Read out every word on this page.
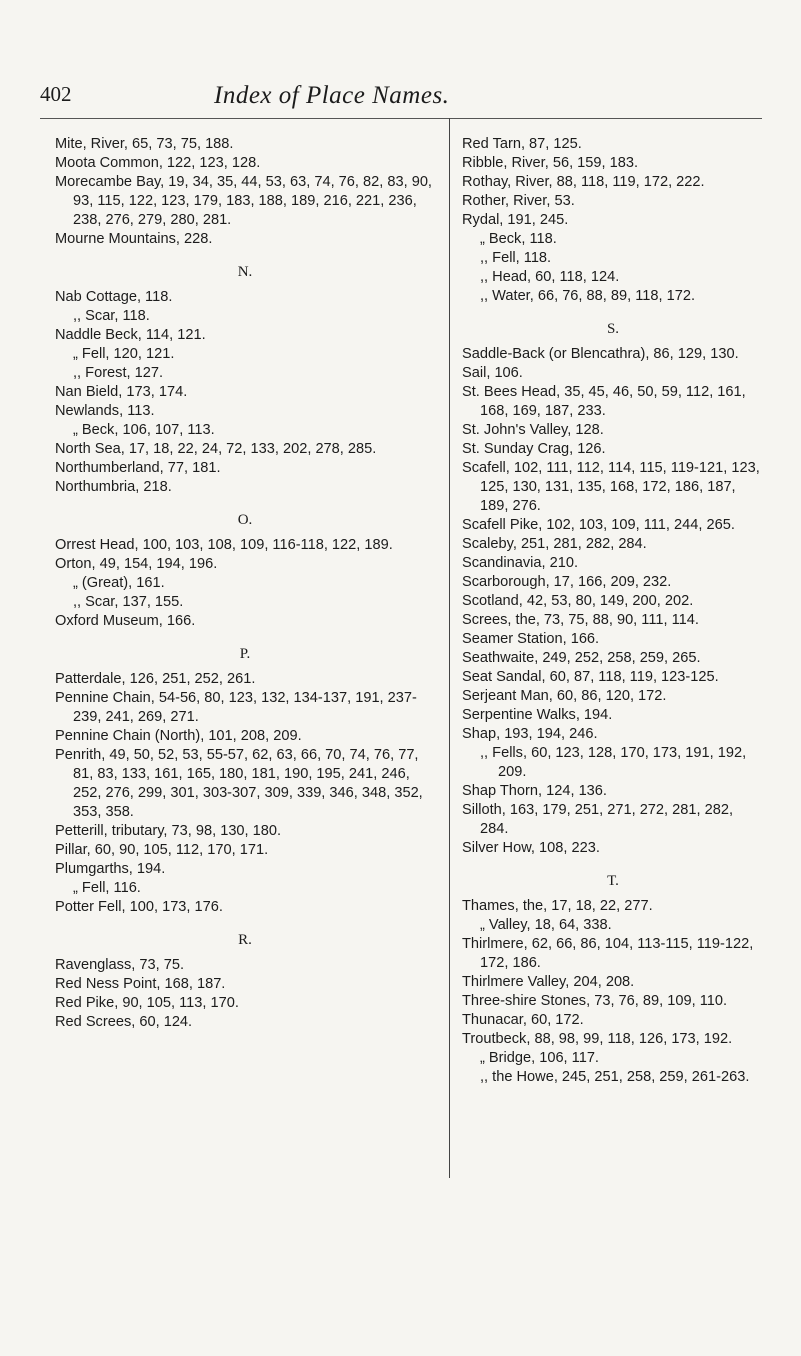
402	Index of Place Names.
Mite, River, 65, 73, 75, 188.
Moota Common, 122, 123, 128.
Morecambe Bay, 19, 34, 35, 44, 53, 63, 74, 76, 82, 83, 90, 93, 115, 122, 123, 179, 183, 188, 189, 216, 221, 236, 238, 276, 279, 280, 281.
Mourne Mountains, 228.
N.
Nab Cottage, 118.
,, Scar, 118.
Naddle Beck, 114, 121.
„ Fell, 120, 121.
,, Forest, 127.
Nan Bield, 173, 174.
Newlands, 113.
„ Beck, 106, 107, 113.
North Sea, 17, 18, 22, 24, 72, 133, 202, 278, 285.
Northumberland, 77, 181.
Northumbria, 218.
O.
Orrest Head, 100, 103, 108, 109, 116-118, 122, 189.
Orton, 49, 154, 194, 196.
„ (Great), 161.
,, Scar, 137, 155.
Oxford Museum, 166.
P.
Patterdale, 126, 251, 252, 261.
Pennine Chain, 54-56, 80, 123, 132, 134-137, 191, 237-239, 241, 269, 271.
Pennine Chain (North), 101, 208, 209.
Penrith, 49, 50, 52, 53, 55-57, 62, 63, 66, 70, 74, 76, 77, 81, 83, 133, 161, 165, 180, 181, 190, 195, 241, 246, 252, 276, 299, 301, 303-307, 309, 339, 346, 348, 352, 353, 358.
Petterill, tributary, 73, 98, 130, 180.
Pillar, 60, 90, 105, 112, 170, 171.
Plumgarths, 194.
„ Fell, 116.
Potter Fell, 100, 173, 176.
R.
Ravenglass, 73, 75.
Red Ness Point, 168, 187.
Red Pike, 90, 105, 113, 170.
Red Screes, 60, 124.
Red Tarn, 87, 125.
Ribble, River, 56, 159, 183.
Rothay, River, 88, 118, 119, 172, 222.
Rother, River, 53.
Rydal, 191, 245.
„ Beck, 118.
,, Fell, 118.
,, Head, 60, 118, 124.
,, Water, 66, 76, 88, 89, 118, 172.
S.
Saddle-Back (or Blencathra), 86, 129, 130.
Sail, 106.
St. Bees Head, 35, 45, 46, 50, 59, 112, 161, 168, 169, 187, 233.
St. John's Valley, 128.
St. Sunday Crag, 126.
Scafell, 102, 111, 112, 114, 115, 119-121, 123, 125, 130, 131, 135, 168, 172, 186, 187, 189, 276.
Scafell Pike, 102, 103, 109, 111, 244, 265.
Scaleby, 251, 281, 282, 284.
Scandinavia, 210.
Scarborough, 17, 166, 209, 232.
Scotland, 42, 53, 80, 149, 200, 202.
Screes, the, 73, 75, 88, 90, 111, 114.
Seamer Station, 166.
Seathwaite, 249, 252, 258, 259, 265.
Seat Sandal, 60, 87, 118, 119, 123-125.
Serjeant Man, 60, 86, 120, 172.
Serpentine Walks, 194.
Shap, 193, 194, 246.
,, Fells, 60, 123, 128, 170, 173, 191, 192, 209.
Shap Thorn, 124, 136.
Silloth, 163, 179, 251, 271, 272, 281, 282, 284.
Silver How, 108, 223.
T.
Thames, the, 17, 18, 22, 277.
„ Valley, 18, 64, 338.
Thirlmere, 62, 66, 86, 104, 113-115, 119-122, 172, 186.
Thirlmere Valley, 204, 208.
Three-shire Stones, 73, 76, 89, 109, 110.
Thunacar, 60, 172.
Troutbeck, 88, 98, 99, 118, 126, 173, 192.
„ Bridge, 106, 117.
,, the Howe, 245, 251, 258, 259, 261-263.
